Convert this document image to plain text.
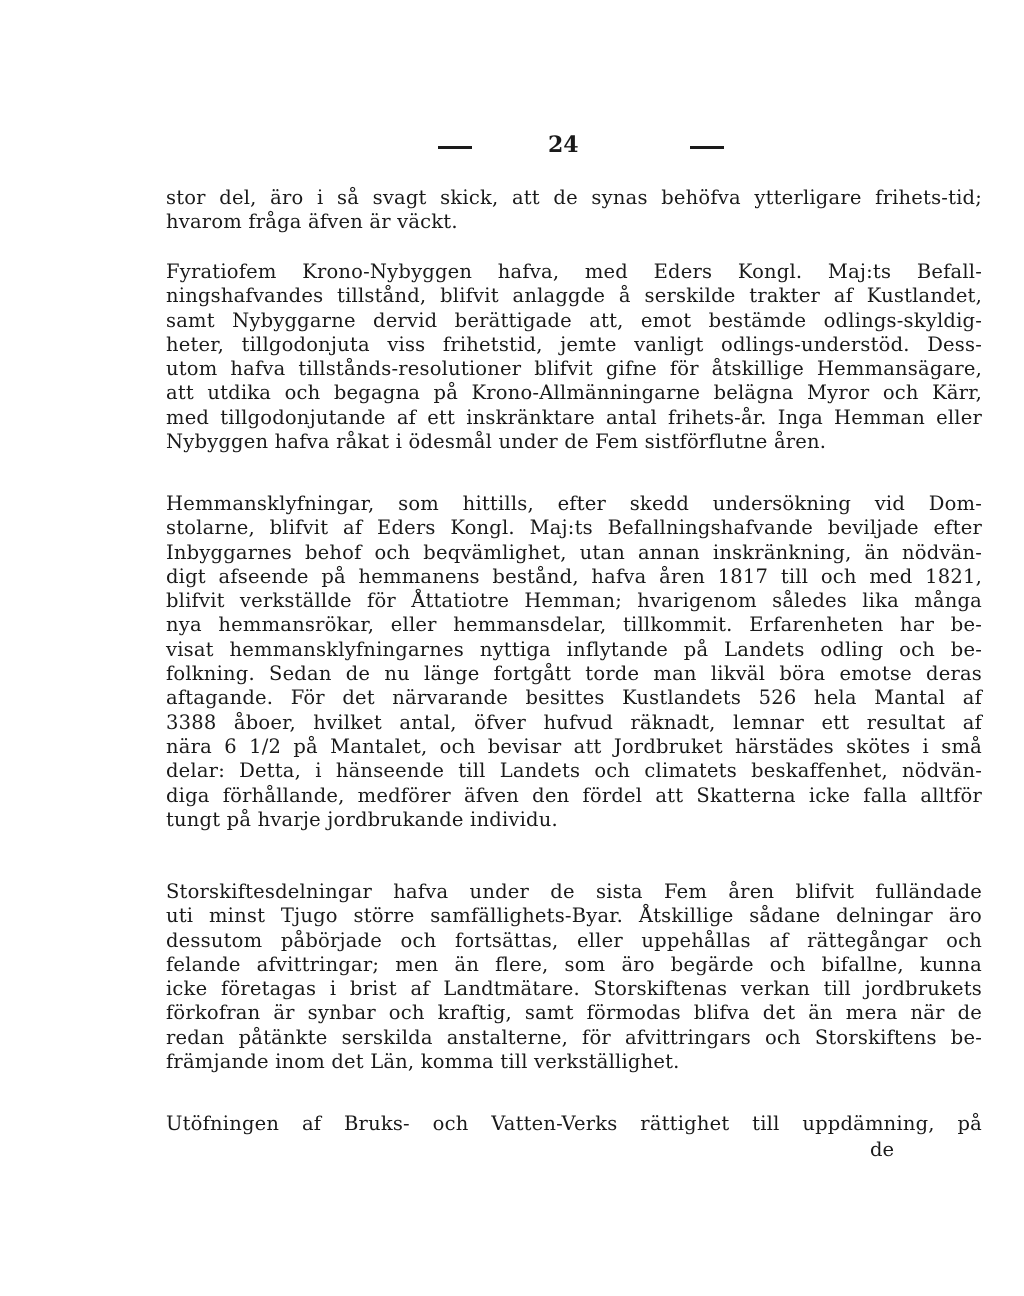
24
stor del, äro i så svagt skick, att de synas behöfva ytterligare frihets-tid;
hvarom fråga äfven är väckt.
Fyratiofem Krono-Nybyggen hafva, med Eders Kongl. Maj:ts Befall-
ningshafvandes tillstånd, blifvit anlaggde å serskilde trakter af Kustlandet,
samt Nybyggarne dervid berättigade att, emot bestämde odlings-skyldig-
heter, tillgodonjuta viss frihetstid, jemte vanligt odlings-understöd. Dess-
utom hafva tillstånds-resolutioner blifvit gifne för åtskillige Hemmansägare,
att utdika och begagna på Krono-Allmänningarne belägna Myror och Kärr,
med tillgodonjutande af ett inskränktare antal frihets-år. Inga Hemman eller
Nybyggen hafva råkat i ödesmål under de Fem sistförflutne åren.
Hemmansklyfningar, som hittills, efter skedd undersökning vid Dom-
stolarne, blifvit af Eders Kongl. Maj:ts Befallningshafvande beviljade efter
Inbyggarnes behof och beqvämlighet, utan annan inskränkning, än nödvän-
digt afseende på hemmanens bestånd, hafva åren 1817 till och med 1821,
blifvit verkställde för Åttatiotre Hemman; hvarigenom således lika många
nya hemmansrökar, eller hemmansdelar, tillkommit. Erfarenheten har be-
visat hemmansklyfningarnes nyttiga inflytande på Landets odling och be-
folkning. Sedan de nu länge fortgått torde man likväl böra emotse deras
aftagande. För det närvarande besittes Kustlandets 526 hela Mantal af
3388 åboer, hvilket antal, öfver hufvud räknadt, lemnar ett resultat af
nära 6 1/2 på Mantalet, och bevisar att Jordbruket härstädes skötes i små
delar: Detta, i hänseende till Landets och climatets beskaffenhet, nödvän-
diga förhållande, medförer äfven den fördel att Skatterna icke falla alltför
tungt på hvarje jordbrukande individu.
Storskiftesdelningar hafva under de sista Fem åren blifvit fulländade
uti minst Tjugo större samfällighets-Byar. Åtskillige sådane delningar äro
dessutom påbörjade och fortsättas, eller uppehållas af rättegångar och
felande afvittringar; men än flere, som äro begärde och bifallne, kunna
icke företagas i brist af Landtmätare. Storskiftenas verkan till jordbrukets
förkofran är synbar och kraftig, samt förmodas blifva det än mera när de
redan påtänkte serskilda anstalterne, för afvittringars och Storskiftens be-
främjande inom det Län, komma till verkställighet.
Utöfningen af Bruks- och Vatten-Verks rättighet till uppdämning, på
de
